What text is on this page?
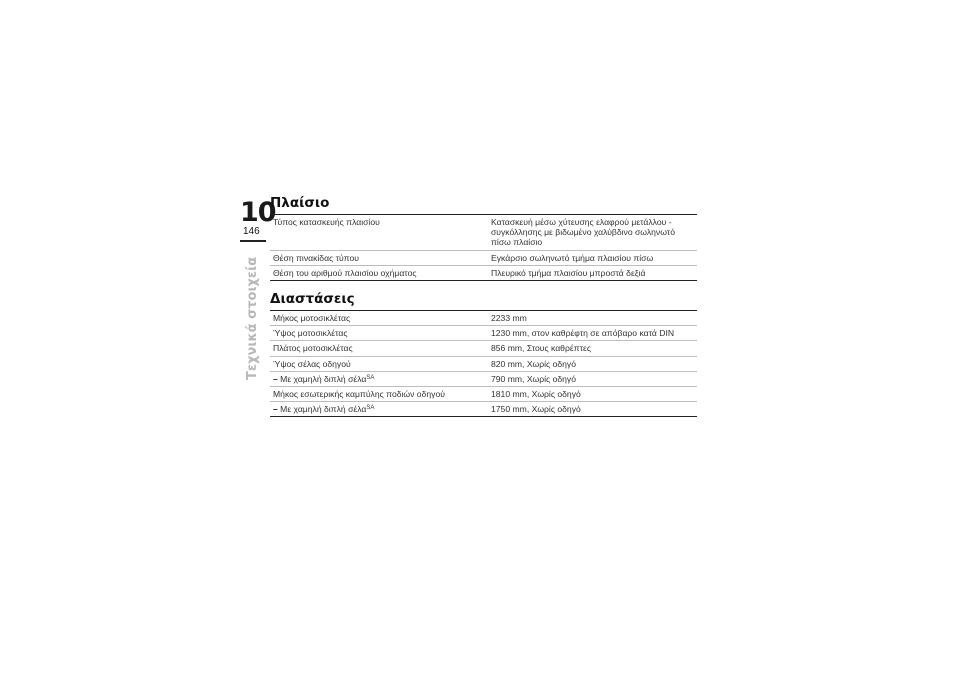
10
146
Τεχνικά στοιχεία
Πλαίσιο
Τύπος κατασκευής πλαισίου	Κατασκευή μέσω χύτευσης ελαφρού μετάλλου - συγκόλλησης με βιδωμένο χαλύβδινο σωληνωτό πίσω πλαίσιο
Θέση πινακίδας τύπου	Εγκάρσιο σωληνωτό τμήμα πλαισίου πίσω
Θέση του αριθμού πλαισίου οχήματος	Πλευρικό τμήμα πλαισίου μπροστά δεξιά
Διαστάσεις
Μήκος μοτοσικλέτας	2233 mm
Ύψος μοτοσικλέτας	1230 mm, στον καθρέφτη σε απόβαρο κατά DIN
Πλάτος μοτοσικλέτας	856 mm, Στους καθρέπτες
Ύψος σέλας οδηγού	820 mm, Χωρίς οδηγό
– Με χαμηλή διπλή σέλα$^{SA}$	790 mm, Χωρίς οδηγό
Μήκος εσωτερικής καμπύλης ποδιών οδηγού	1810 mm, Χωρίς οδηγό
– Με χαμηλή διπλή σέλα$^{SA}$	1750 mm, Χωρίς οδηγό
